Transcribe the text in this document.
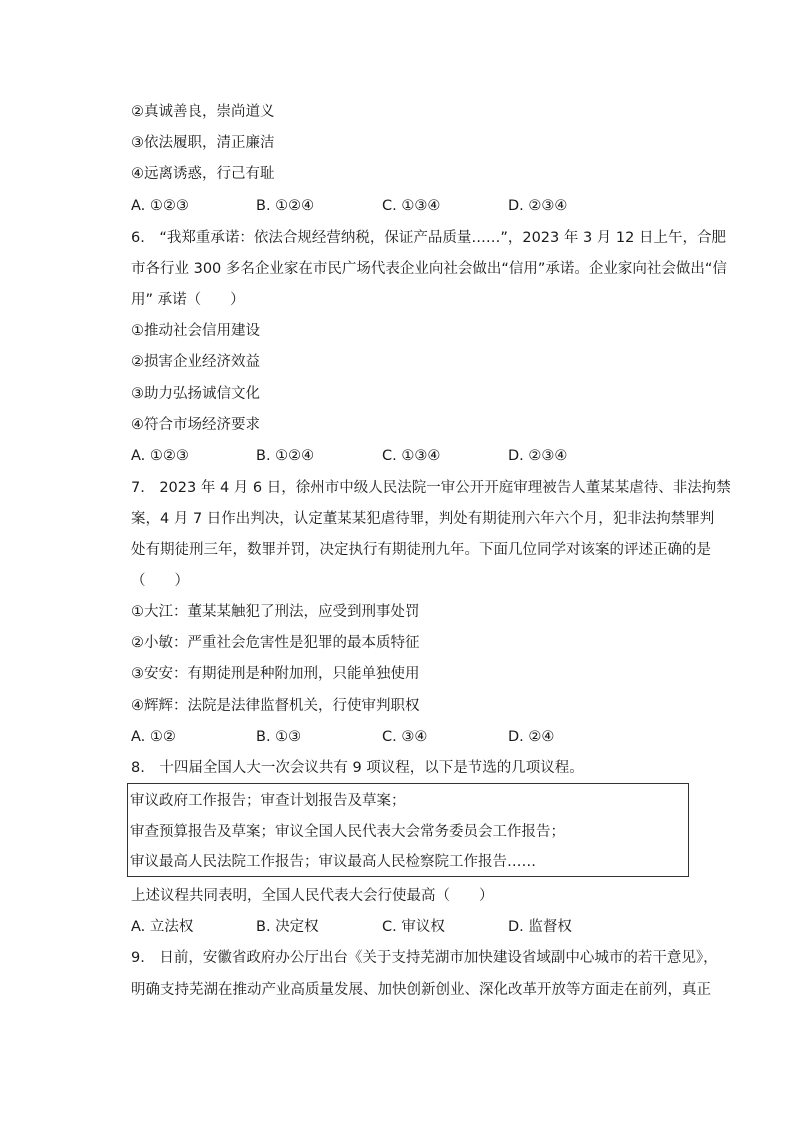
②真诚善良，崇尚道义
③依法履职，清正廉洁
④远离诱惑，行己有耻
A. ①②③	B. ①②④	C. ①③④	D. ②③④
6.　“我郑重承诺：依法合规经营纳税，保证产品质量……”，2023 年 3 月 12 日上午，合肥
市各行业 300 多名企业家在市民广场代表企业向社会做出“信用”承诺。企业家向社会做出“信
用” 承诺（　　）
①推动社会信用建设
②损害企业经济效益
③助力弘扬诚信文化
④符合市场经济要求
A. ①②③	B. ①②④	C. ①③④	D. ②③④
7.　2023 年 4 月 6 日，徐州市中级人民法院一审公开开庭审理被告人董某某虐待、非法拘禁
案，4 月 7 日作出判决，认定董某某犯虐待罪，判处有期徒刑六年六个月，犯非法拘禁罪判
处有期徒刑三年，数罪并罚，决定执行有期徒刑九年。下面几位同学对该案的评述正确的是
（　　）
①大江：董某某触犯了刑法，应受到刑事处罚
②小敏：严重社会危害性是犯罪的最本质特征
③安安：有期徒刑是种附加刑，只能单独使用
④辉辉：法院是法律监督机关，行使审判职权
A. ①②	B. ①③	C. ③④	D. ②④
8.　十四届全国人大一次会议共有 9 项议程，以下是节选的几项议程。
审议政府工作报告；审查计划报告及草案；
审查预算报告及草案；审议全国人民代表大会常务委员会工作报告；
审议最高人民法院工作报告；审议最高人民检察院工作报告……
上述议程共同表明，全国人民代表大会行使最高（　　）
A. 立法权	B. 决定权	C. 审议权	D. 监督权
9.　日前，安徽省政府办公厅出台《关于支持芜湖市加快建设省域副中心城市的若干意见》，
明确支持芜湖在推动产业高质量发展、加快创新创业、深化改革开放等方面走在前列，真正
